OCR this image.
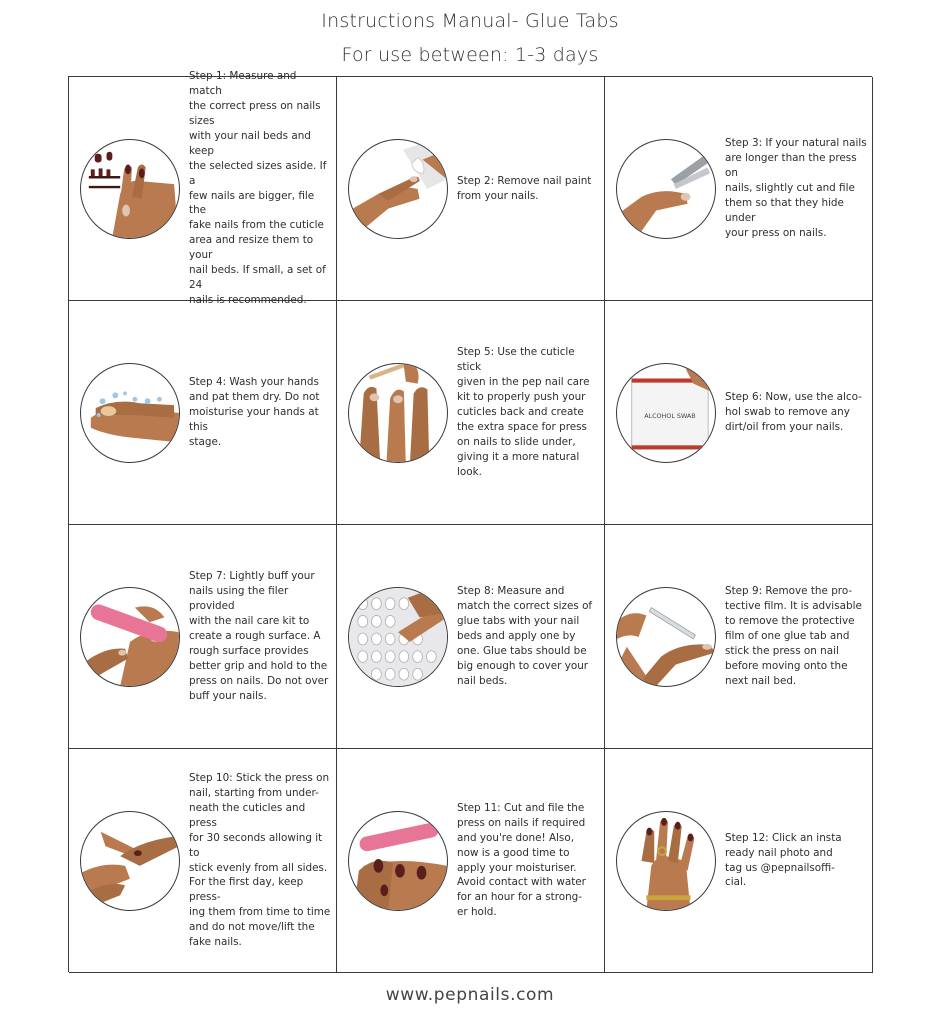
Instructions Manual- Glue Tabs
For use between: 1-3 days
Step 1: Measure and match
the correct press on nails sizes
with your nail beds and keep
the selected sizes aside. If a
few nails are bigger, file the
fake nails from the cuticle
area and resize them to your
nail beds. If small, a set of 24
nails is recommended.
Step 2: Remove nail paint
from your nails.
Step 3: If your natural nails
are longer than the press on
nails, slightly cut and file
them so that they hide under
your press on nails.
Step 4: Wash your hands
and pat them dry. Do not
moisturise your hands at this
stage.
Step 5: Use the cuticle stick
given in the pep nail care
kit to properly push your
cuticles back and create
the extra space for press
on nails to slide under,
giving it a more natural
look.
ALCOHOL SWAB
Step 6: Now, use the alco-
hol swab to remove any
dirt/oil from your nails.
Step 7: Lightly buff your
nails using the filer provided
with the nail care kit to
create a rough surface. A
rough surface provides
better grip and hold to the
press on nails. Do not over
buff your nails.
Step 8: Measure and
match the correct sizes of
glue tabs with your nail
beds and apply one by
one. Glue tabs should be
big enough to cover your
nail beds.
Step 9: Remove the pro-
tective film. It is advisable
to remove the protective
film of one glue tab and
stick the press on nail
before moving onto the
next nail bed.
Step 10: Stick the press on
nail, starting from under-
neath the cuticles and press
for 30 seconds allowing it to
stick evenly from all sides.
For the first day, keep press-
ing them from time to time
and do not move/lift the
fake nails.
Step 11: Cut and file the
press on nails if required
and you're done! Also,
now is a good time to
apply your moisturiser.
Avoid contact with water
for an hour for a strong-
er hold.
Step 12: Click an insta
ready nail photo and
tag us @pepnailsoffi-
cial.
www.pepnails.com
